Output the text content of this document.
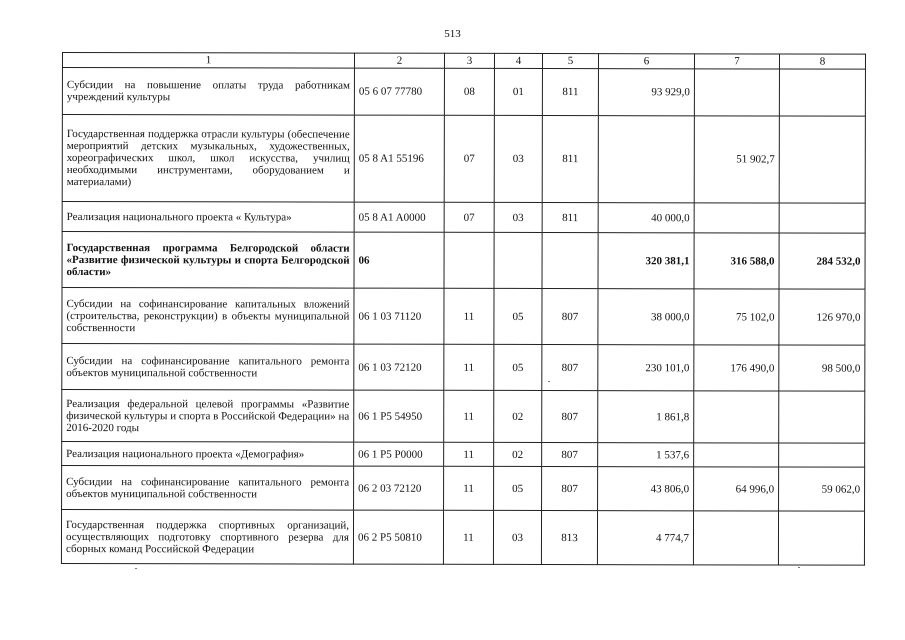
513
1	2	3	4	5	6	7	8
Субсидии на повышение оплаты труда работникам учреждений культуры	05 6 07 77780	08	01	811	93 929,0		
Государственная поддержка отрасли культуры (обеспечение мероприятий детских музыкальных, художественных, хореографических школ, школ искусства, училищ необходимыми инструментами, оборудованием и материалами)	05 8 A1 55196	07	03	811		51 902,7	
Реализация национального проекта « Культура»	05 8 A1 A0000	07	03	811	40 000,0		
Государственная программа Белгородской области «Развитие физической культуры и спорта Белгородской области»	06				320 381,1	316 588,0	284 532,0
Субсидии на софинансирование капитальных вложений (строительства, реконструкции) в объекты муниципальной собственности	06 1 03 71120	11	05	807	38 000,0	75 102,0	126 970,0
Субсидии на софинансирование капитального ремонта объектов муниципальной собственности	06 1 03 72120	11	05	807	230 101,0	176 490,0	98 500,0
Реализация федеральной целевой программы «Развитие физической культуры и спорта в Российской Федерации» на 2016-2020 годы	06 1 P5 54950	11	02	807	1 861,8		
Реализация национального проекта «Демография»	06 1 P5 P0000	11	02	807	1 537,6		
Субсидии на софинансирование капитального ремонта объектов муниципальной собственности	06 2 03 72120	11	05	807	43 806,0	64 996,0	59 062,0
Государственная поддержка спортивных организаций, осуществляющих подготовку спортивного резерва для сборных команд Российской Федерации	06 2 P5 50810	11	03	813	4 774,7		
